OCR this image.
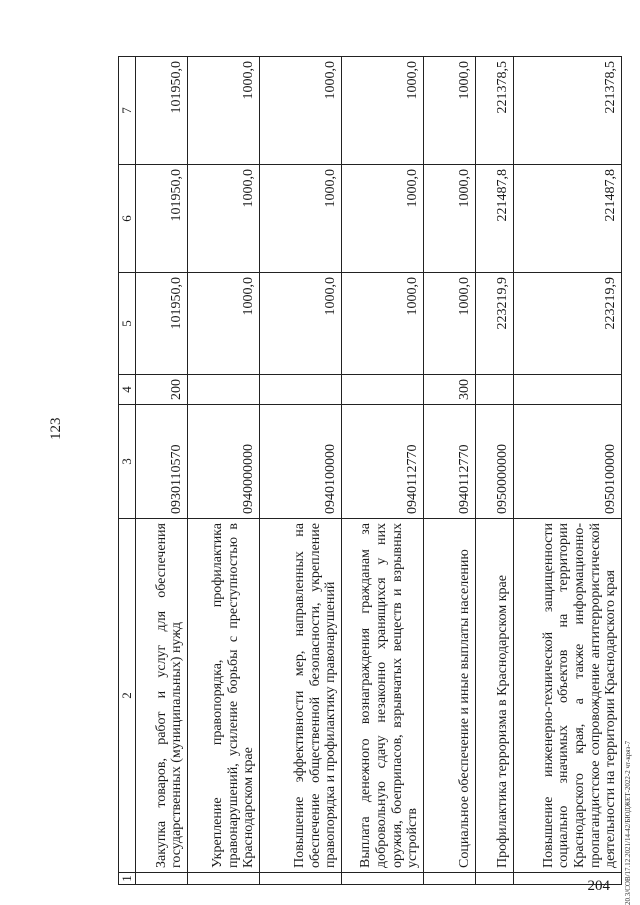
123
1	2	3	4	5	6	7
	Закупка товаров, работ и услуг для обеспечения государственных (муниципальных) нужд	0930110570	200	101950,0	101950,0	101950,0
	Укрепление правопорядка, профилактика правонарушений, усиление борьбы с преступностью в Краснодарском крае	0940000000		1000,0	1000,0	1000,0
	Повышение эффективности мер, направленных на обеспечение общественной безопасности, укрепление правопорядка и профилактику правонарушений	0940100000		1000,0	1000,0	1000,0
	Выплата денежного вознаграждения гражданам за добровольную сдачу незаконно хранящихся у них оружия, боеприпасов, взрывчатых веществ и взрывных устройств	0940112770		1000,0	1000,0	1000,0
	Социальное обеспечение и иные выплаты населению	0940112770	300	1000,0	1000,0	1000,0
	Профилактика терроризма в Краснодарском крае	0950000000		223219,9	221487,8	221378,5
	Повышение инженерно-технической защищенности социально значимых объектов на территории Краснодарского края, а также информационно-пропагандистское сопровождение антитеррористической деятельности на территории Краснодарского края	0950100000		223219,9	221487,8	221378,5
20.3/СОВ/17.12.2021/14-42/БЮДЖЕТ-2022-2 чт-кряз-7
204
